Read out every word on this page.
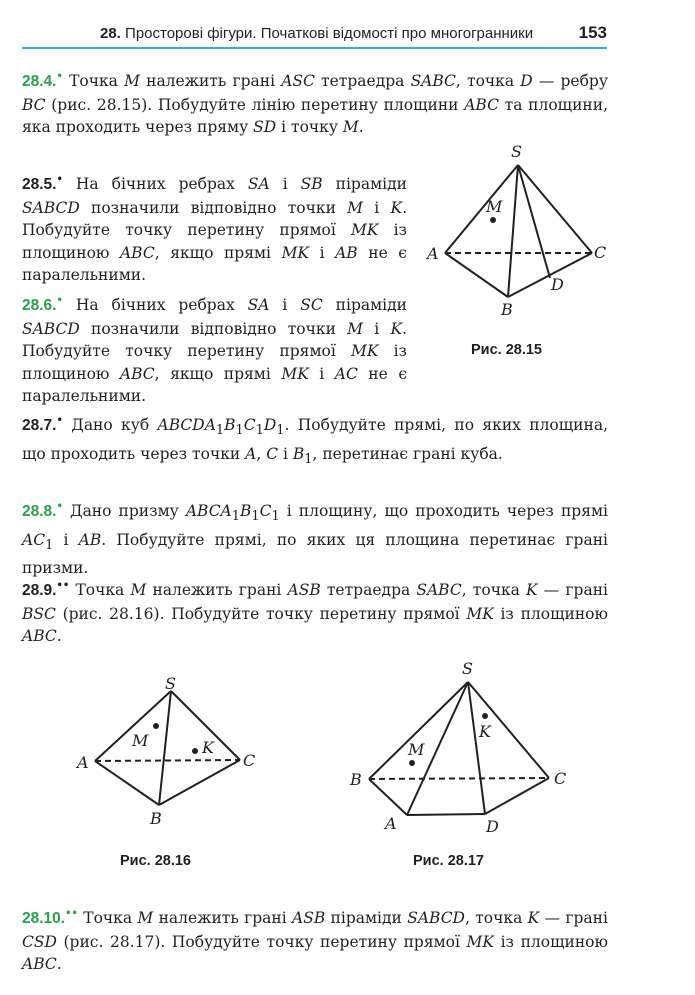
28. Просторові фігури. Початкові відомості про многогранники	153
28.4.• Точка M належить грані ASC тетраедра SABC, точка D — ребру BC (рис. 28.15). Побудуйте лінію перетину площини ABC та площини, яка проходить через пряму SD і точку M.
28.5.• На бічних ребрах SA і SB піраміди SABCD позначили відповідно точки M і K. Побудуйте точку перетину прямої MK із площиною ABC, якщо прямі MK і AB не є паралельними.
28.6.• На бічних ребрах SA і SC піраміди SABCD позначили відповідно точки M і K. Побудуйте точку перетину прямої MK із площиною ABC, якщо прямі MK і AC не є паралельними.
S
M
A	C
D
B
Рис. 28.15
28.7.• Дано куб $ABCDA_1B_1C_1D_1$. Побудуйте прямі, по яких площина, що проходить через точки A, C і $B_1$, перетинає грані куба.
28.8.• Дано призму $ABCA_1B_1C_1$ і площину, що проходить через прямі $AC_1$ і AB. Побудуйте прямі, по яких ця площина перетинає грані призми.
28.9.•• Точка M належить грані ASB тетраедра SABC, точка K — грані BSC (рис. 28.16). Побудуйте точку перетину прямої MK із площиною ABC.
S
M	K
A	C
B
Рис. 28.16
S
K
M
B	C
A	D
Рис. 28.17
28.10.•• Точка M належить грані ASB піраміди SABCD, точка K — грані CSD (рис. 28.17). Побудуйте точку перетину прямої MK із площиною ABC.
